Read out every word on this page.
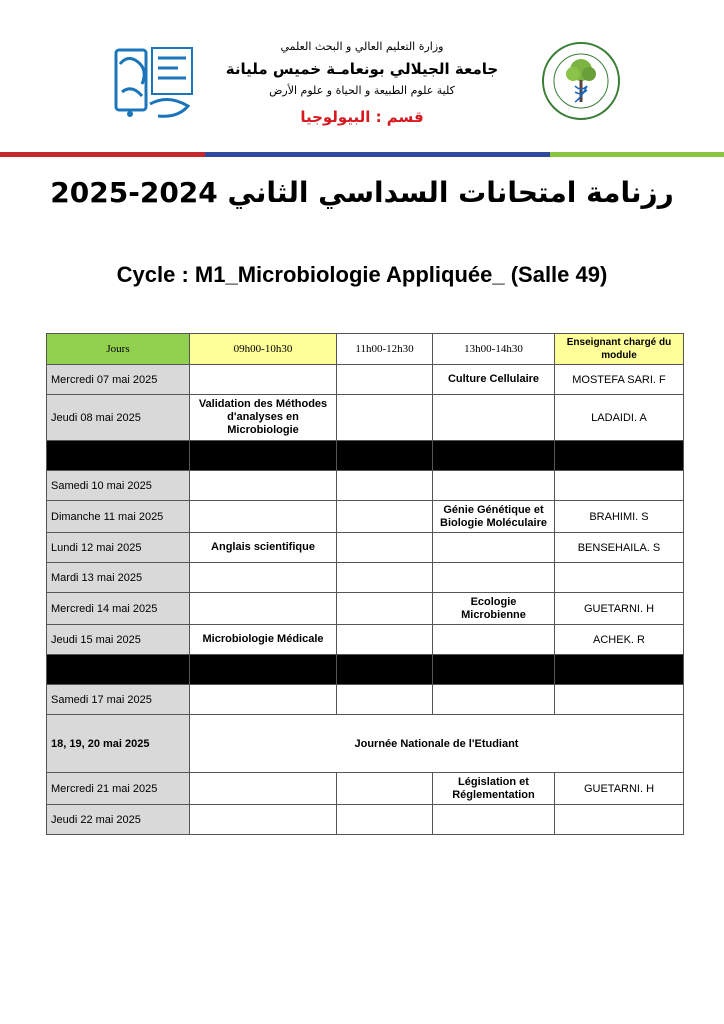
وزارة التعليم العالي و البحث العلمي
جامعة الجيلالي بونعامـة خميس مليانة
كلية علوم الطبيعة و الحياة و علوم الأرض
قسم : البيولوجيا
رزنامة امتحانات السداسي الثاني 2024-2025
Cycle : M1_Microbiologie Appliquée_ (Salle 49)
Jours	09h00-10h30	11h00-12h30	13h00-14h30	Enseignant chargé du module
Mercredi 07 mai 2025			Culture Cellulaire	MOSTEFA SARI. F
Jeudi 08 mai 2025	Validation des Méthodes d'analyses en Microbiologie			LADAIDI. A

Samedi 10 mai 2025				
Dimanche 11 mai 2025			Génie Génétique et Biologie Moléculaire	BRAHIMI. S
Lundi 12 mai 2025	Anglais scientifique			BENSEHAILA. S
Mardi 13 mai 2025				
Mercredi 14 mai 2025			Ecologie Microbienne	GUETARNI. H
Jeudi 15 mai 2025	Microbiologie Médicale			ACHEK. R

Samedi 17 mai 2025				
18, 19, 20 mai 2025	Journée Nationale de l'Etudiant			
Mercredi 21 mai 2025			Législation et Réglementation	GUETARNI. H
Jeudi 22 mai 2025				
